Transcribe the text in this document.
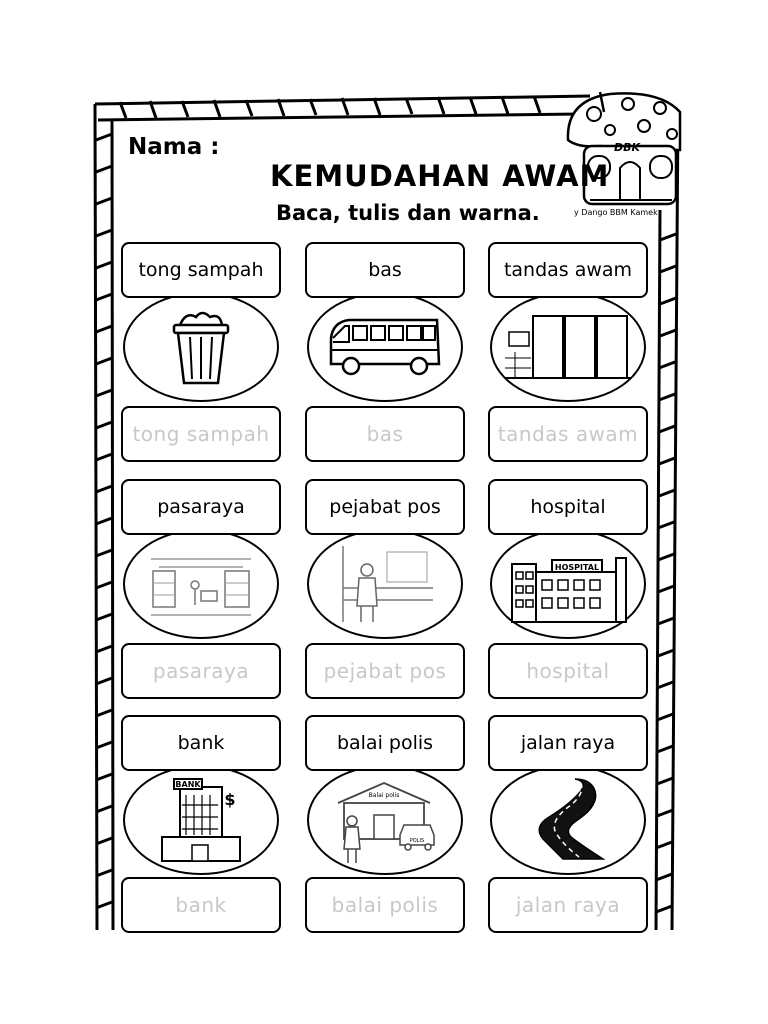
DBK
Nama :
KEMUDAHAN AWAM
Baca, tulis dan warna.	y Dango BBM Kamek
tong sampah
tong sampah
bas
bas
tandas awam
tandas awam
pasaraya
pasaraya
pejabat pos
pejabat pos
HOSPITAL
hospital
hospital
BANK
$
bank
bank
Balai polis
POLIS
balai polis
balai polis
jalan raya
jalan raya
